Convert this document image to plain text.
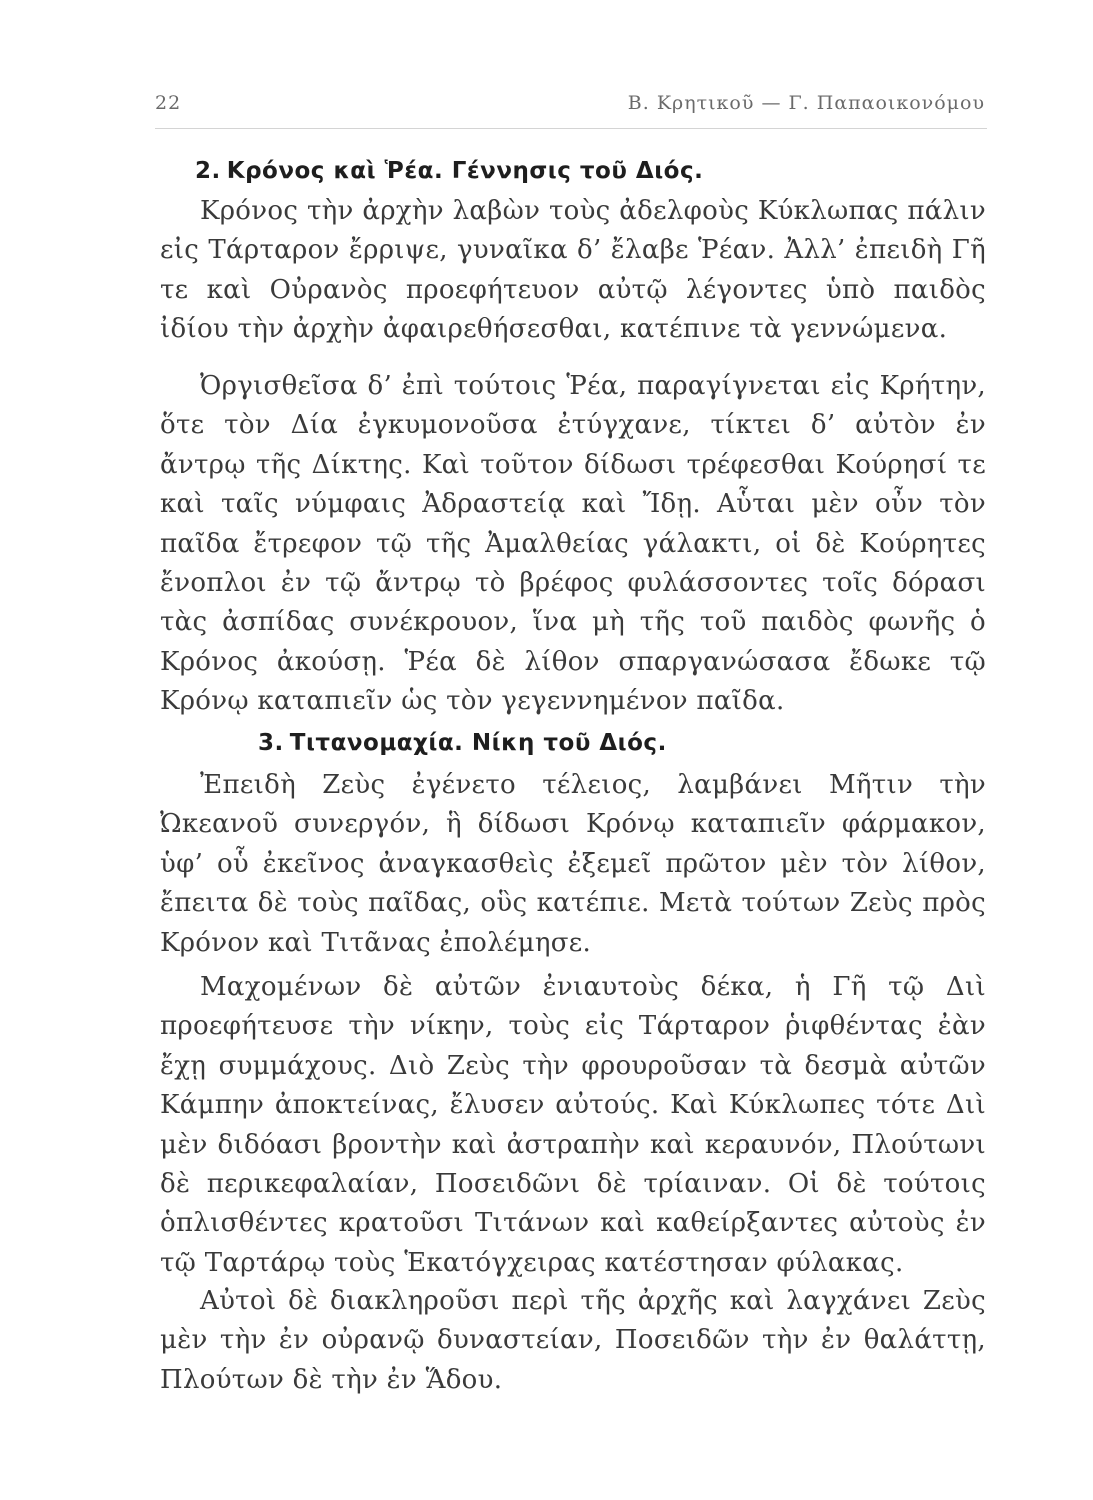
22	Β. Κρητικοῦ — Γ. Παπαοικονόμου
2. Κρόνος καὶ Ῥέα. Γέννησις τοῦ Διός.

Κρόνος τὴν ἀρχὴν λαβὼν τοὺς ἀδελφοὺς Κύκλωπας πάλιν εἰς Τάρταρον ἔρριψε, γυναῖκα δ’ ἔλαβε Ῥέαν. Ἀλλ’ ἐπειδὴ Γῆ τε καὶ Οὐρανὸς προεφήτευον αὐτῷ λέγοντες ὑπὸ παιδὸς ἰδίου τὴν ἀρχὴν ἀφαιρεθήσεσθαι, κατέπινε τὰ γεννώμενα.

Ὀργισθεῖσα δ’ ἐπὶ τούτοις Ῥέα, παραγίγνεται εἰς Κρήτην, ὅτε τὸν Δία ἐγκυμονοῦσα ἐτύγχανε, τίκτει δ’ αὐτὸν ἐν ἄντρῳ τῆς Δίκτης. Καὶ τοῦτον δίδωσι τρέφεσθαι Κούρησί τε καὶ ταῖς νύμφαις Ἀδραστείᾳ καὶ Ἴδῃ. Αὗται μὲν οὖν τὸν παῖδα ἔτρεφον τῷ τῆς Ἀμαλθείας γάλακτι, οἱ δὲ Κούρητες ἔνοπλοι ἐν τῷ ἄντρῳ τὸ βρέφος φυλάσσοντες τοῖς δόρασι τὰς ἀσπίδας συνέκρουον, ἵνα μὴ τῆς τοῦ παιδὸς φωνῆς ὁ Κρόνος ἀκούσῃ. Ῥέα δὲ λίθον σπαργανώσασα ἔδωκε τῷ Κρόνῳ καταπιεῖν ὡς τὸν γεγεννημένον παῖδα.

3. Τιτανομαχία. Νίκη τοῦ Διός.

Ἐπειδὴ Ζεὺς ἐγένετο τέλειος, λαμβάνει Μῆτιν τὴν Ὠκεανοῦ συνεργόν, ἣ δίδωσι Κρόνῳ καταπιεῖν φάρμακον, ὑφ’ οὗ ἐκεῖνος ἀναγκασθεὶς ἐξεμεῖ πρῶτον μὲν τὸν λίθον, ἔπειτα δὲ τοὺς παῖδας, οὓς κατέπιε. Μετὰ τούτων Ζεὺς πρὸς Κρόνον καὶ Τιτᾶνας ἐπολέμησε.

Μαχομένων δὲ αὐτῶν ἐνιαυτοὺς δέκα, ἡ Γῆ τῷ Διὶ προεφήτευσε τὴν νίκην, τοὺς εἰς Τάρταρον ῥιφθέντας ἐὰν ἔχῃ συμμάχους. Διὸ Ζεὺς τὴν φρουροῦσαν τὰ δεσμὰ αὐτῶν Κάμπην ἀποκτείνας, ἔλυσεν αὐτούς. Καὶ Κύκλωπες τότε Διὶ μὲν διδόασι βροντὴν καὶ ἀστραπὴν καὶ κεραυνόν, Πλούτωνι δὲ περικεφαλαίαν, Ποσειδῶνι δὲ τρίαιναν. Οἱ δὲ τούτοις ὁπλισθέντες κρατοῦσι Τιτάνων καὶ καθείρξαντες αὐτοὺς ἐν τῷ Ταρτάρῳ τοὺς Ἑκατόγχειρας κατέστησαν φύλακας.

Αὐτοὶ δὲ διακληροῦσι περὶ τῆς ἀρχῆς καὶ λαγχάνει Ζεὺς μὲν τὴν ἐν οὐρανῷ δυναστείαν, Ποσειδῶν τὴν ἐν θαλάττῃ, Πλούτων δὲ τὴν ἐν Ἅδου.
